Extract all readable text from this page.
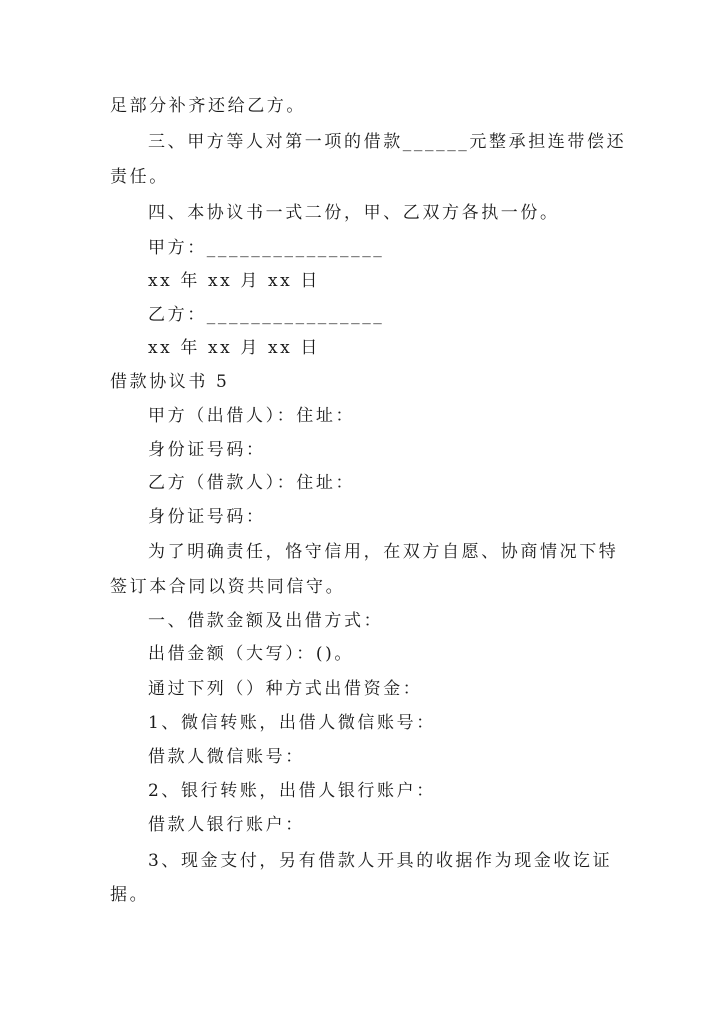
足部分补齐还给乙方。
三、甲方等人对第一项的借款______元整承担连带偿还
责任。
四、本协议书一式二份，甲、乙双方各执一份。
甲方：________________
xx 年 xx 月 xx 日
乙方：________________
xx 年 xx 月 xx 日
借款协议书 5
甲方（出借人）：住址：
身份证号码：
乙方（借款人）：住址：
身份证号码：
为了明确责任，恪守信用，在双方自愿、协商情况下特
签订本合同以资共同信守。
一、借款金额及出借方式：
出借金额（大写）：()。
通过下列（）种方式出借资金：
1、微信转账，出借人微信账号：
借款人微信账号：
2、银行转账，出借人银行账户：
借款人银行账户：
3、现金支付，另有借款人开具的收据作为现金收讫证
据。
